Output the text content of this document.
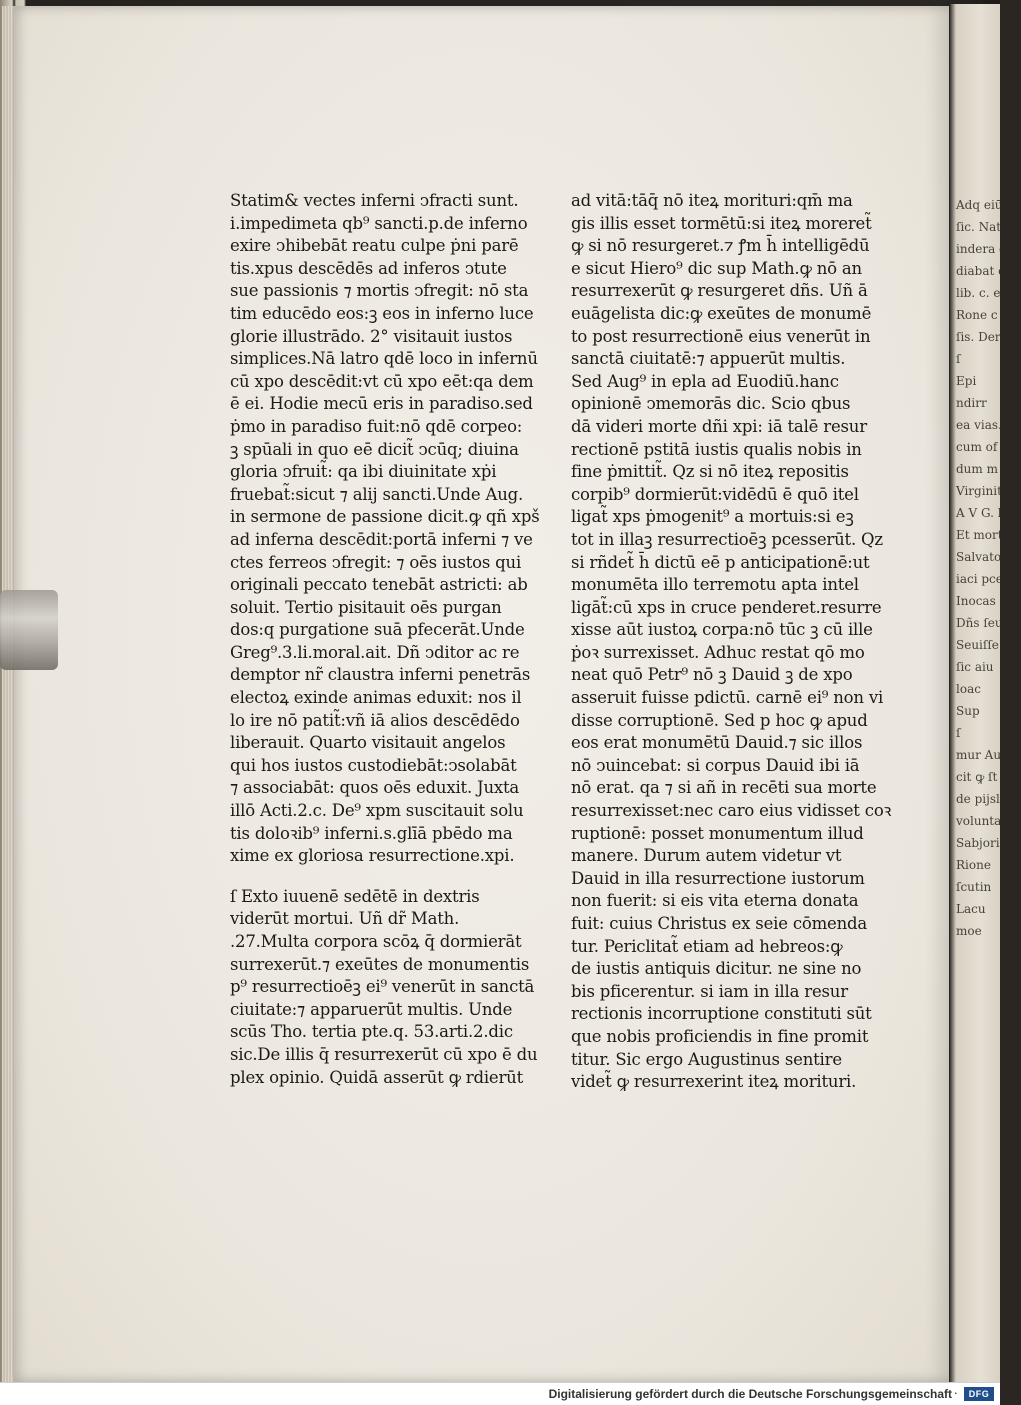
Statim& vectes inferni ↄfracti sunt.
i.impedimeta qb⁹ sancti.p.de inferno
exire ↄhibebāt reatu culpe ṗni parē
tis.xpus descēdēs ad inferos ↄtute
sue passionis ⁊ mortis ↄfregit: nō sta
tim educēdo eos:ꝫ eos in inferno luce
glorie illustrādo. 2° visitauit iustos
simplices.Nā latro qdē loco in infernū
cū xpo descēdit:vt cū xpo eēt:qa dem
ē ei. Hodie mecū eris in paradiso.sed
ṗmo in paradiso fuit:nō qdē corpeo:
ꝫ spūali in quo eē dicit̃ ↄcūq; diuina
gloria ↄfruit̃: qa ibi diuinitate xṗi
fruebat̃:sicut ⁊ alij sancti.Unde Aug.
in sermone de passione dicit.ꝙ qñ xpš
ad inferna descēdit:portā inferni ⁊ ve
ctes ferreos ↄfregit: ⁊ oēs iustos qui
originali peccato tenebāt astricti: ab
soluit. Tertio pisitauit oēs purgan
dos:q purgatione suā pfecerāt.Unde
Greg⁹.3.li.moral.ait. Dñ ↄditor ac re
demptor nr̃ claustra inferni penetrās
electoꝝ exinde animas eduxit: nos il
lo ire nō patit̃:vñ iā alios descēdēdo
liberauit. Quarto visitauit angelos
qui hos iustos custodiebāt:ↄsolabāt
⁊ associabāt: quos oēs eduxit. Juxta
illō Acti.2.c. De⁹ xpm suscitauit solu
tis doloꝛib⁹ inferni.s.glīā pbēdo ma
xime ex gloriosa resurrectione.xpi.
ſ Exto iuuenē sedētē in dextris
viderūt mortui. Uñ dr̃ Math.
.27.Multa corpora scōꝝ q̄ dormierāt
surrexerūt.⁊ exeūtes de monumentis
p⁹ resurrectioēꝫ ei⁹ venerūt in sanctā
ciuitate:⁊ apparuerūt multis. Unde
scūs Tho. tertia pte.q. 53.arti.2.dic
sic.De illis q̄ resurrexerūt cū xpo ē du
plex opinio. Quidā asserūt ꝙ rdierūt
ad vitā:tāq̄ nō iteꝝ morituri:qm̄ ma
gis illis esset tormētū:si iteꝝ moreret̃
ꝙ si nō resurgeret.⁊ ꝭm h̄ intelligēdū
e sicut Hiero⁹ dic sup Math.ꝙ nō an
resurrexerūt ꝙ resurgeret dñs. Uñ ā
euāgelista dic:ꝙ exeūtes de monumē
to post resurrectionē eius venerūt in
sanctā ciuitatē:⁊ appuerūt multis.
Sed Aug⁹ in epla ad Euodiū.hanc
opinionē ↄmemorās dic. Scio qbus
dā videri morte dñi xpi: iā talē resur
rectionē pstitā iustis qualis nobis in
fine ṗmittit̃. Qz si nō iteꝝ repositis
corpib⁹ dormierūt:vidēdū ē quō itel
ligat̃ xps ṗmogenit⁹ a mortuis:si eꝫ
tot in illaꝫ resurrectioēꝫ pcesserūt. Qz
si rñdet̃ h̄ dictū eē p anticipationē:ut
monumēta illo terremotu apta intel
ligāt̃:cū xps in cruce penderet.resurre
xisse aūt iustoꝝ corpa:nō tūc ꝫ cū ille
ṗoꝛ surrexisset. Adhuc restat qō mo
neat quō Petr⁹ nō ꝫ Dauid ꝫ de xpo
asseruit fuisse pdictū. carnē ei⁹ non vi
disse corruptionē. Sed p hoc ꝙ apud
eos erat monumētū Dauid.⁊ sic illos
nō ↄuincebat: si corpus Dauid ibi iā
nō erat. qa ⁊ si añ in recēti sua morte
resurrexisset:nec caro eius vidisset coꝛ
ruptionē: posset monumentum illud
manere. Durum autem videtur vt
Dauid in illa resurrectione iustorum
non fuerit: si eis vita eterna donata
fuit: cuius Christus ex seie cōmenda
tur. Periclitat̃ etiam ad hebreos:ꝙ
de iustis antiquis dicitur. ne sine no
bis pficerentur. si iam in illa resur
rectionis incorruptione constituti sūt
que nobis proficiendis in fine promit
titur. Sic ergo Augustinus sentire
videt̃ ꝙ resurrexerint iteꝝ morituri.
Adq eiū o
ſic. Nat q
indera qm
diabat q
lib. c. ei
Rone c
ſis. Der X
ſ
Epi
ndirr
ea vias.
cum of
dum m
Virginitas
A V G. li.
Et morte
Salvator
iaci pceret
Inocas ofl
Dñs ſeu
Seuiſſe
ſic aiu
loac
Sup
ſ
mur Aug
cit ꝙ ſt
de pijsli
voluntate
Sabjorig
Rione
ſcutin
Lacu
moe
Digitalisierung gefördert durch die Deutsche Forschungsgemeinschaft ·	DFG
